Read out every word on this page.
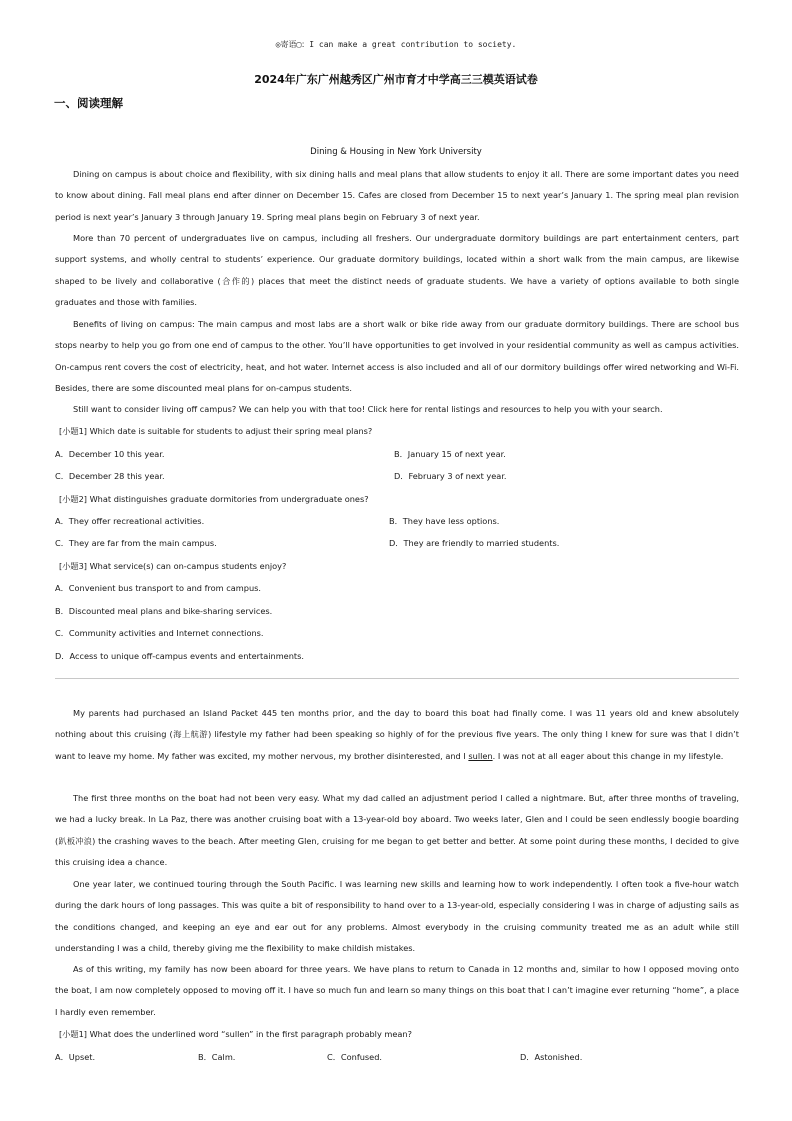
◎寄语▢：I can make a great contribution to society.
2024年广东广州越秀区广州市育才中学高三三模英语试卷
一、阅读理解
Dining & Housing in New York University
Dining on campus is about choice and flexibility, with six dining halls and meal plans that allow students to enjoy it all. There are some important dates you need to know about dining. Fall meal plans end after dinner on December 15. Cafes are closed from December 15 to next year’s January 1. The spring meal plan revision period is next year’s January 3 through January 19. Spring meal plans begin on February 3 of next year.
More than 70 percent of undergraduates live on campus, including all freshers. Our undergraduate dormitory buildings are part entertainment centers, part support systems, and wholly central to students’ experience. Our graduate dormitory buildings, located within a short walk from the main campus, are likewise shaped to be lively and collaborative (合作的) places that meet the distinct needs of graduate students. We have a variety of options available to both single graduates and those with families.
Benefits of living on campus: The main campus and most labs are a short walk or bike ride away from our graduate dormitory buildings. There are school bus stops nearby to help you go from one end of campus to the other. You’ll have opportunities to get involved in your residential community as well as campus activities. On-campus rent covers the cost of electricity, heat, and hot water. Internet access is also included and all of our dormitory buildings offer wired networking and Wi-Fi. Besides, there are some discounted meal plans for on-campus students.
Still want to consider living off campus? We can help you with that too! Click here for rental listings and resources to help you with your search.
[小题1] Which date is suitable for students to adjust their spring meal plans?
A．December 10 this year.	B．January 15 of next year.
C．December 28 this year.	D．February 3 of next year.
[小题2] What distinguishes graduate dormitories from undergraduate ones?
A．They offer recreational activities.	B．They have less options.
C．They are far from the main campus.	D．They are friendly to married students.
[小题3] What service(s) can on-campus students enjoy?
A．Convenient bus transport to and from campus.
B．Discounted meal plans and bike-sharing services.
C．Community activities and Internet connections.
D．Access to unique off-campus events and entertainments.
My parents had purchased an Island Packet 445 ten months prior, and the day to board this boat had finally come. I was 11 years old and knew absolutely nothing about this cruising (海上航游) lifestyle my father had been speaking so highly of for the previous five years. The only thing I knew for sure was that I didn’t want to leave my home. My father was excited, my mother nervous, my brother disinterested, and I sullen. I was not at all eager about this change in my lifestyle.
The first three months on the boat had not been very easy. What my dad called an adjustment period I called a nightmare. But, after three months of traveling, we had a lucky break. In La Paz, there was another cruising boat with a 13-year-old boy aboard. Two weeks later, Glen and I could be seen endlessly boogie boarding (趴板冲浪) the crashing waves to the beach. After meeting Glen, cruising for me began to get better and better. At some point during these months, I decided to give this cruising idea a chance.
One year later, we continued touring through the South Pacific. I was learning new skills and learning how to work independently. I often took a five-hour watch during the dark hours of long passages. This was quite a bit of responsibility to hand over to a 13-year-old, especially considering I was in charge of adjusting sails as the conditions changed, and keeping an eye and ear out for any problems. Almost everybody in the cruising community treated me as an adult while still understanding I was a child, thereby giving me the flexibility to make childish mistakes.
As of this writing, my family has now been aboard for three years. We have plans to return to Canada in 12 months and, similar to how I opposed moving onto the boat, I am now completely opposed to moving off it. I have so much fun and learn so many things on this boat that I can’t imagine ever returning “home”, a place I hardly even remember.
[小题1] What does the underlined word “sullen” in the first paragraph probably mean?
A．Upset.	B．Calm.	C．Confused.	D．Astonished.
